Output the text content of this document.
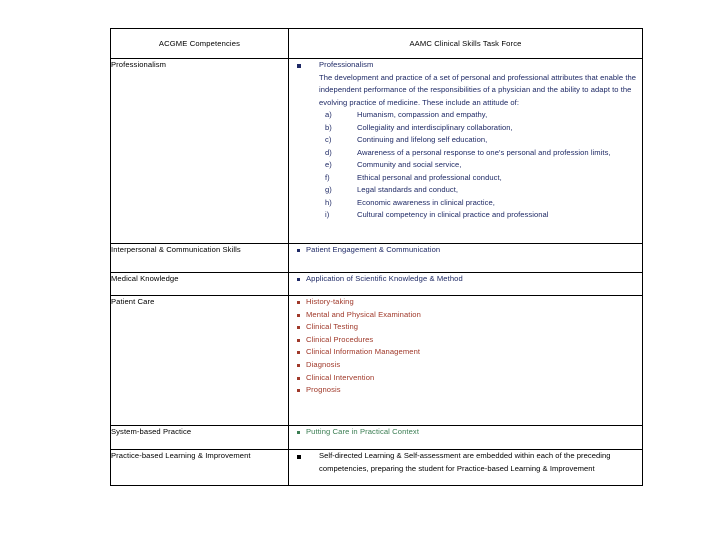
ACGME Competencies	AAMC Clinical Skills Task Force

Professionalism	Professionalism
The development and practice of a set of personal and professional attributes that enable the independent performance of the responsibilities of a physician and the ability to adapt to the evolving practice of medicine. These include an attitude of:
a)	Humanism, compassion and empathy,
b)	Collegiality and interdisciplinary collaboration,
c)	Continuing and lifelong self education,
d)	Awareness of a personal response to one's personal and profession limits,
e)	Community and social service,
f)	Ethical personal and professional conduct,
g)	Legal standards and conduct,
h)	Economic awareness in clinical practice,
i)	Cultural competency in clinical practice and professional

Interpersonal & Communication Skills	Patient Engagement & Communication

Medical Knowledge	Application of Scientific Knowledge & Method

Patient Care	History-taking
Mental and Physical Examination
Clinical Testing
Clinical Procedures
Clinical Information Management
Diagnosis
Clinical Intervention
Prognosis

System-based Practice	Putting Care in Practical Context

Practice-based Learning & Improvement	Self-directed Learning & Self-assessment are embedded within each of the preceding competencies, preparing the student for Practice-based Learning & Improvement
